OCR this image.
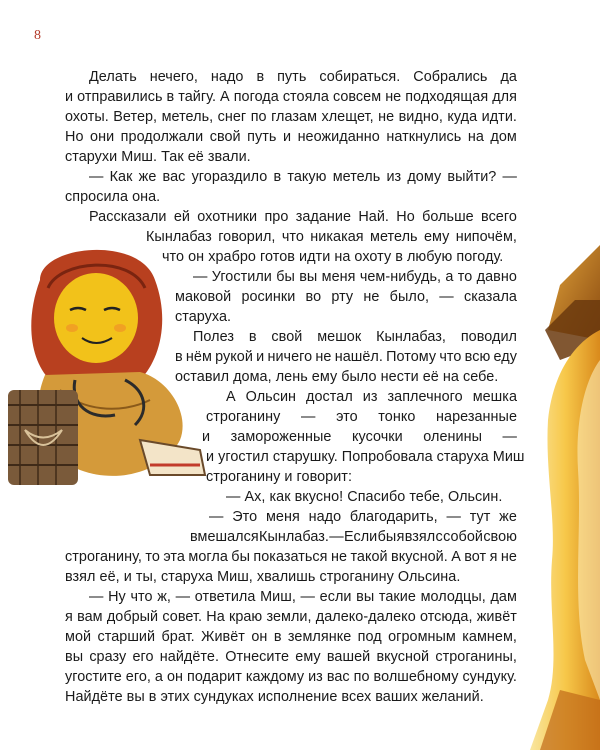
8
Делать нечего, надо в путь собираться. Собрались да
и отправились в тайгу. А погода стояла совсем не подходящая для
охоты. Ветер, метель, снег по глазам хлещет, не видно, куда идти.
Но они продолжали свой путь и неожиданно наткнулись на дом
старухи Миш. Так её звали.
— Как же вас угораздило в такую метель из дому выйти? —
спросила она.
Рассказали ей охотники про задание Най. Но больше всего
Кынлабаз говорил, что никакая метель ему нипочём,
что он храбро готов идти на охоту в любую погоду.
— Угостили бы вы меня чем-нибудь, а то давно
маковой росинки во рту не было, — сказала
старуха.
Полез в свой мешок Кынлабаз, поводил
в нём рукой и ничего не нашёл. Потому что всю еду
оставил дома, лень ему было нести её на себе.
А Ольсин достал из заплечного мешка
строганину — это тонко нарезанные
и замороженные кусочки оленины —
и угостил старушку. Попробовала старуха Миш
строганину и говорит:
— Ах, как вкусно! Спасибо тебе, Ольсин.
— Это меня надо благодарить, — тут же
вмешался Кынлабаз. — Если бы я взял с собой свою
строганину, то эта могла бы показаться не такой вкусной. А вот я не
взял её, и ты, старуха Миш, хвалишь строганину Ольсина.
— Ну что ж, — ответила Миш, — если вы такие молодцы, дам
я вам добрый совет. На краю земли, далеко-далеко отсюда, живёт
мой старший брат. Живёт он в землянке под огромным камнем,
вы сразу его найдёте. Отнесите ему вашей вкусной строганины,
угостите его, а он подарит каждому из вас по волшебному сундуку.
Найдёте вы в этих сундуках исполнение всех ваших желаний.
